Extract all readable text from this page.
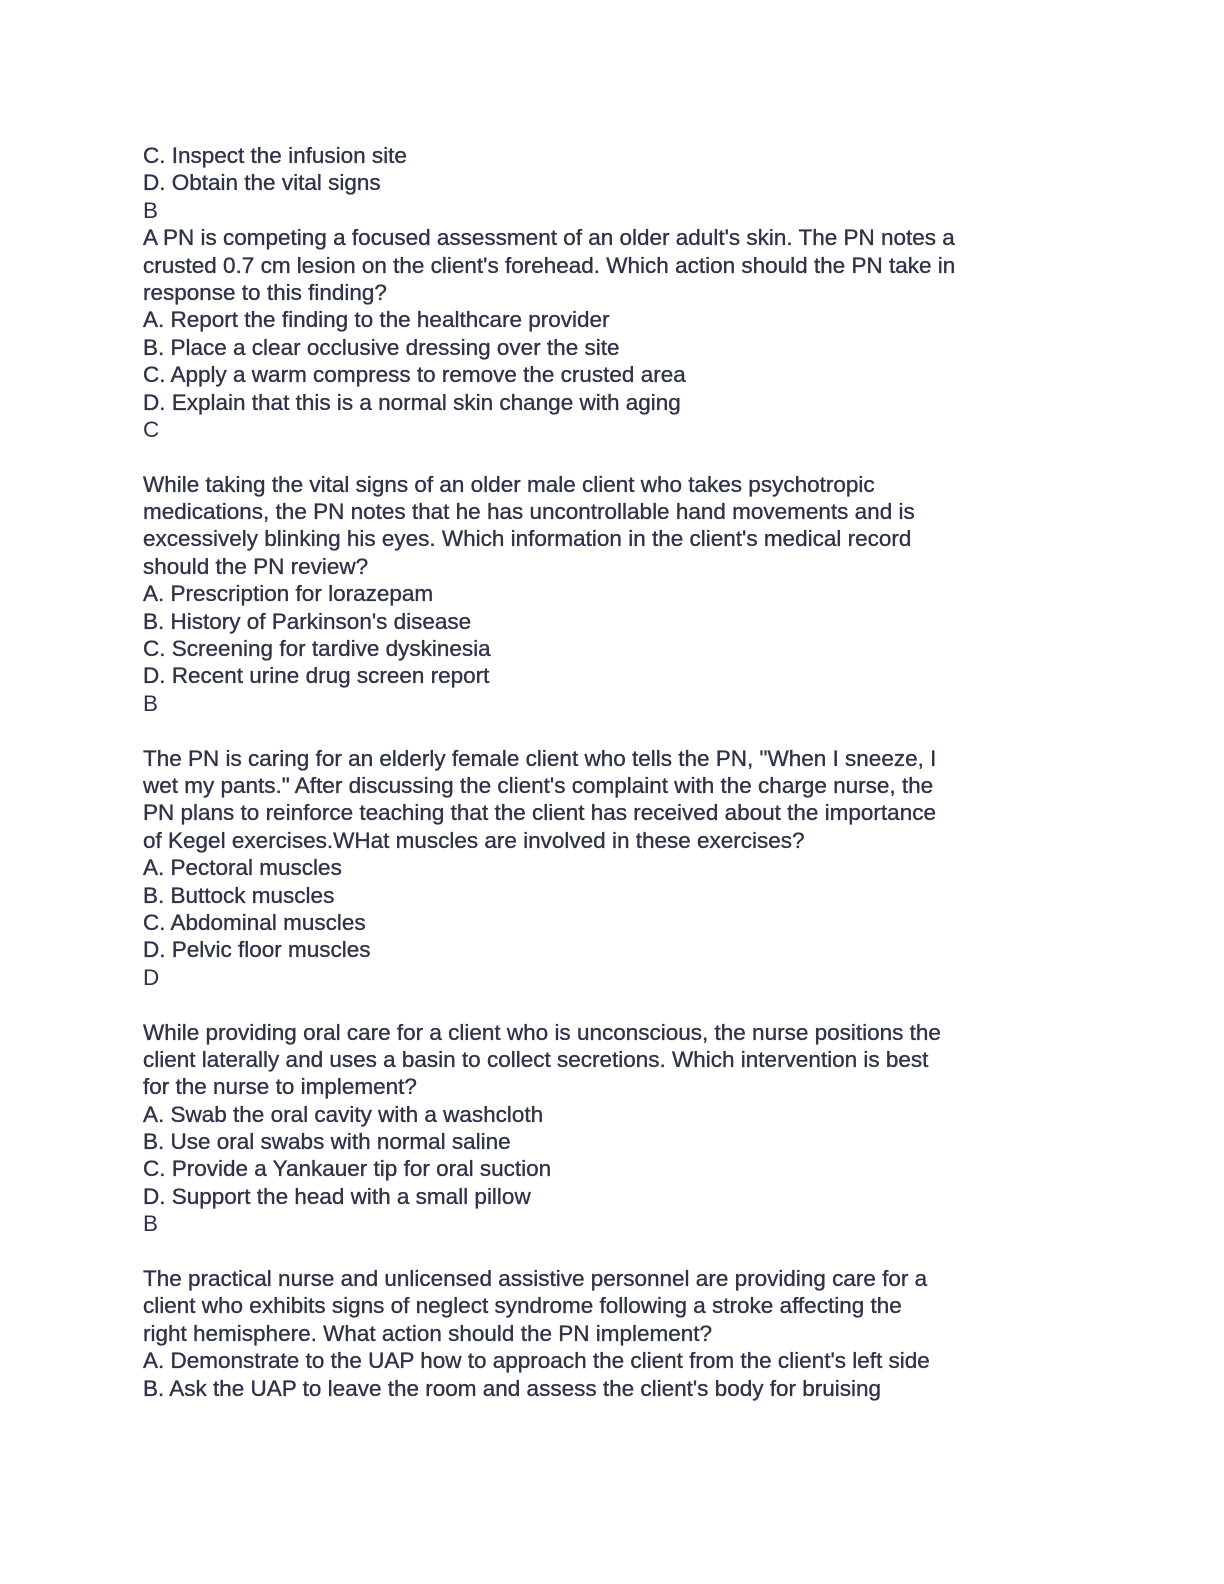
C. Inspect the infusion site
D. Obtain the vital signs
B
A PN is competing a focused assessment of an older adult's skin. The PN notes a
crusted 0.7 cm lesion on the client's forehead. Which action should the PN take in
response to this finding?
A. Report the finding to the healthcare provider
B. Place a clear occlusive dressing over the site
C. Apply a warm compress to remove the crusted area
D. Explain that this is a normal skin change with aging
C
While taking the vital signs of an older male client who takes psychotropic
medications, the PN notes that he has uncontrollable hand movements and is
excessively blinking his eyes. Which information in the client's medical record
should the PN review?
A. Prescription for lorazepam
B. History of Parkinson's disease
C. Screening for tardive dyskinesia
D. Recent urine drug screen report
B
The PN is caring for an elderly female client who tells the PN, "When I sneeze, I
wet my pants." After discussing the client's complaint with the charge nurse, the
PN plans to reinforce teaching that the client has received about the importance
of Kegel exercises.WHat muscles are involved in these exercises?
A. Pectoral muscles
B. Buttock muscles
C. Abdominal muscles
D. Pelvic floor muscles
D
While providing oral care for a client who is unconscious, the nurse positions the
client laterally and uses a basin to collect secretions. Which intervention is best
for the nurse to implement?
A. Swab the oral cavity with a washcloth
B. Use oral swabs with normal saline
C. Provide a Yankauer tip for oral suction
D. Support the head with a small pillow
B
The practical nurse and unlicensed assistive personnel are providing care for a
client who exhibits signs of neglect syndrome following a stroke affecting the
right hemisphere. What action should the PN implement?
A. Demonstrate to the UAP how to approach the client from the client's left side
B. Ask the UAP to leave the room and assess the client's body for bruising
